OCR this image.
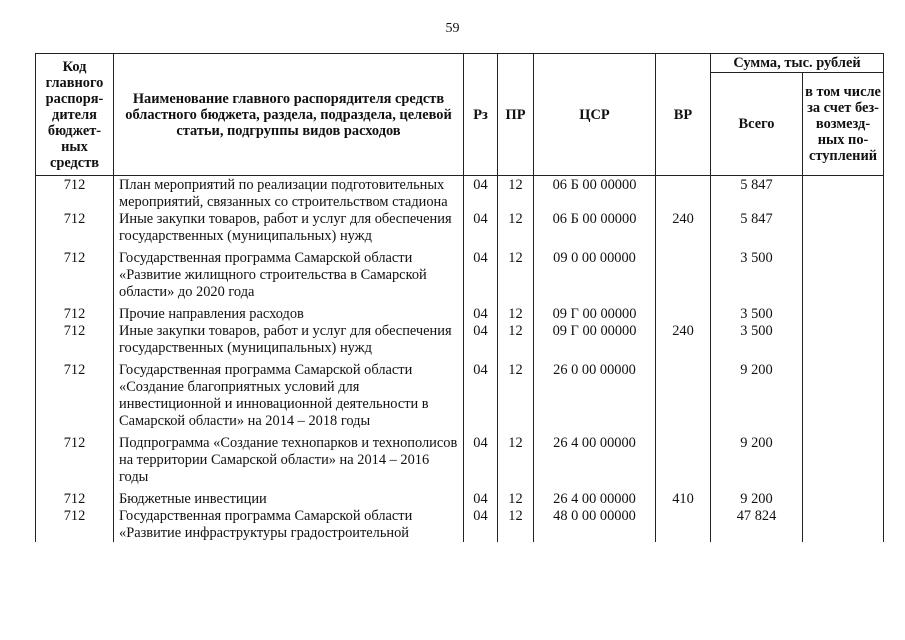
59
Код главного распоря-дителя бюджет-ных средств	Наименование главного распорядителя средств областного бюджета, раздела, подраздела, целевой статьи, подгруппы видов расходов	Рз	ПР	ЦСР	ВР	Сумма, тыс. рублей	
						Всего	в том числе за счет без-возмезд-ных по-ступлений
712	План мероприятий по реализации подготовительных мероприятий, связанных со строительством стадиона	04	12	06 Б 00 00000		5 847	
712	Иные закупки товаров, работ и услуг для обеспечения государственных (муниципальных) нужд	04	12	06 Б 00 00000	240	5 847	
712	Государственная программа Самарской области «Развитие жилищного строительства в Самарской области» до 2020 года	04	12	09 0 00 00000		3 500	
712	Прочие направления расходов	04	12	09 Г 00 00000		3 500	
712	Иные закупки товаров, работ и услуг для обеспечения государственных (муниципальных) нужд	04	12	09 Г 00 00000	240	3 500	
712	Государственная программа Самарской области «Создание благоприятных условий для инвестиционной и инновационной деятельности в Самарской области» на 2014 – 2018 годы	04	12	26 0 00 00000		9 200	
712	Подпрограмма «Создание технопарков и технополисов на территории Самарской области» на 2014 – 2016 годы	04	12	26 4 00 00000		9 200	
712	Бюджетные инвестиции	04	12	26 4 00 00000	410	9 200	
712	Государственная программа Самарской области «Развитие инфраструктуры градостроительной	04	12	48 0 00 00000		47 824	
